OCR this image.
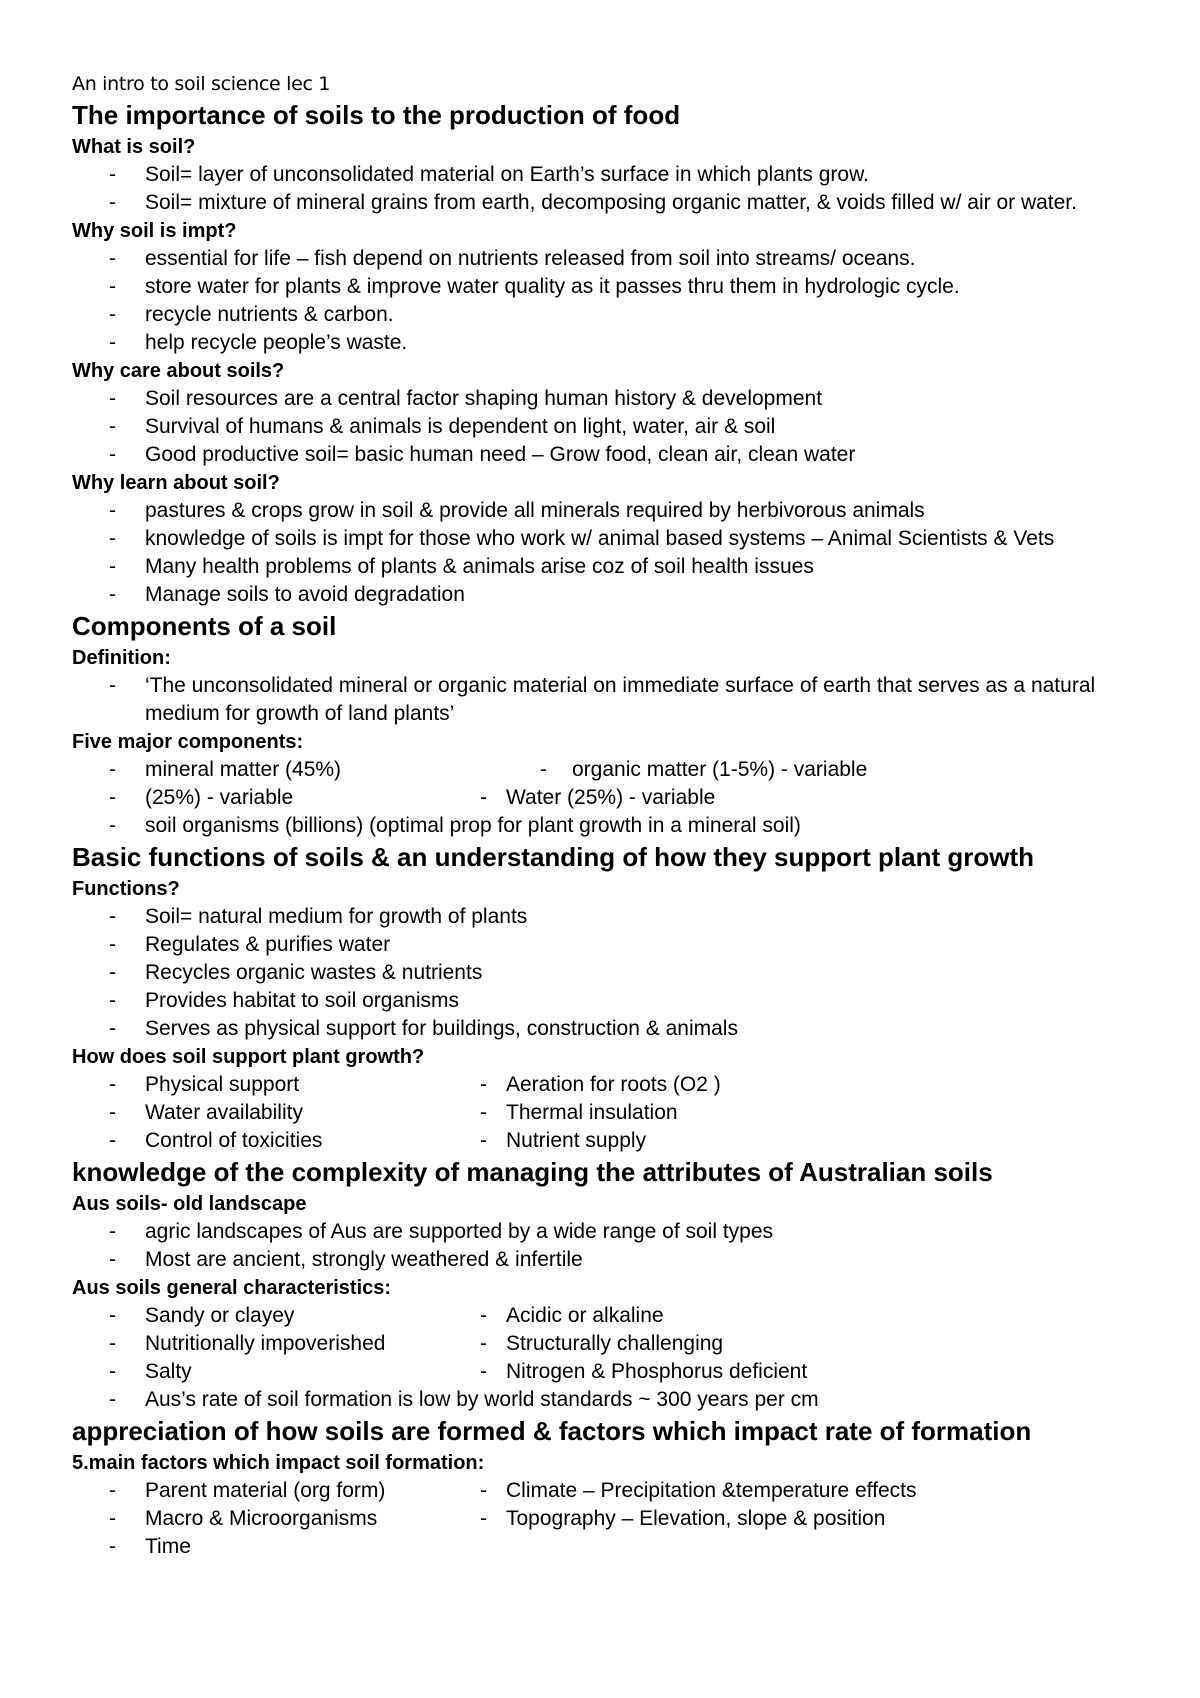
An intro to soil science lec 1
The importance of soils to the production of food
What is soil?
- Soil= layer of unconsolidated material on Earth’s surface in which plants grow.
- Soil= mixture of mineral grains from earth, decomposing organic matter, & voids filled w/ air or water.
Why soil is impt?
- essential for life – fish depend on nutrients released from soil into streams/ oceans.
- store water for plants & improve water quality as it passes thru them in hydrologic cycle.
- recycle nutrients & carbon.
- help recycle people’s waste.
Why care about soils?
- Soil resources are a central factor shaping human history & development
- Survival of humans & animals is dependent on light, water, air & soil
- Good productive soil= basic human need – Grow food, clean air, clean water
Why learn about soil?
- pastures & crops grow in soil & provide all minerals required by herbivorous animals
- knowledge of soils is impt for those who work w/ animal based systems – Animal Scientists & Vets
- Many health problems of plants & animals arise coz of soil health issues
- Manage soils to avoid degradation
Components of a soil
Definition:
- ‘The unconsolidated mineral or organic material on immediate surface of earth that serves as a natural medium for growth of land plants’
Five major components:
- mineral matter (45%)	- organic matter (1-5%) - variable
- (25%) - variable	- Water (25%) - variable
- soil organisms (billions) (optimal prop for plant growth in a mineral soil)
Basic functions of soils & an understanding of how they support plant growth
Functions?
- Soil= natural medium for growth of plants
- Regulates & purifies water
- Recycles organic wastes & nutrients
- Provides habitat to soil organisms
- Serves as physical support for buildings, construction & animals
How does soil support plant growth?
- Physical support	- Aeration for roots (O2 )
- Water availability	- Thermal insulation
- Control of toxicities	- Nutrient supply
knowledge of the complexity of managing the attributes of Australian soils
Aus soils- old landscape
- agric landscapes of Aus are supported by a wide range of soil types
- Most are ancient, strongly weathered & infertile
Aus soils general characteristics:
- Sandy or clayey	- Acidic or alkaline
- Nutritionally impoverished	- Structurally challenging
- Salty	- Nitrogen & Phosphorus deficient
- Aus’s rate of soil formation is low by world standards ~ 300 years per cm
appreciation of how soils are formed & factors which impact rate of formation
5.main factors which impact soil formation:
- Parent material (org form)	- Climate – Precipitation &temperature effects
- Macro & Microorganisms	- Topography – Elevation, slope & position
- Time
